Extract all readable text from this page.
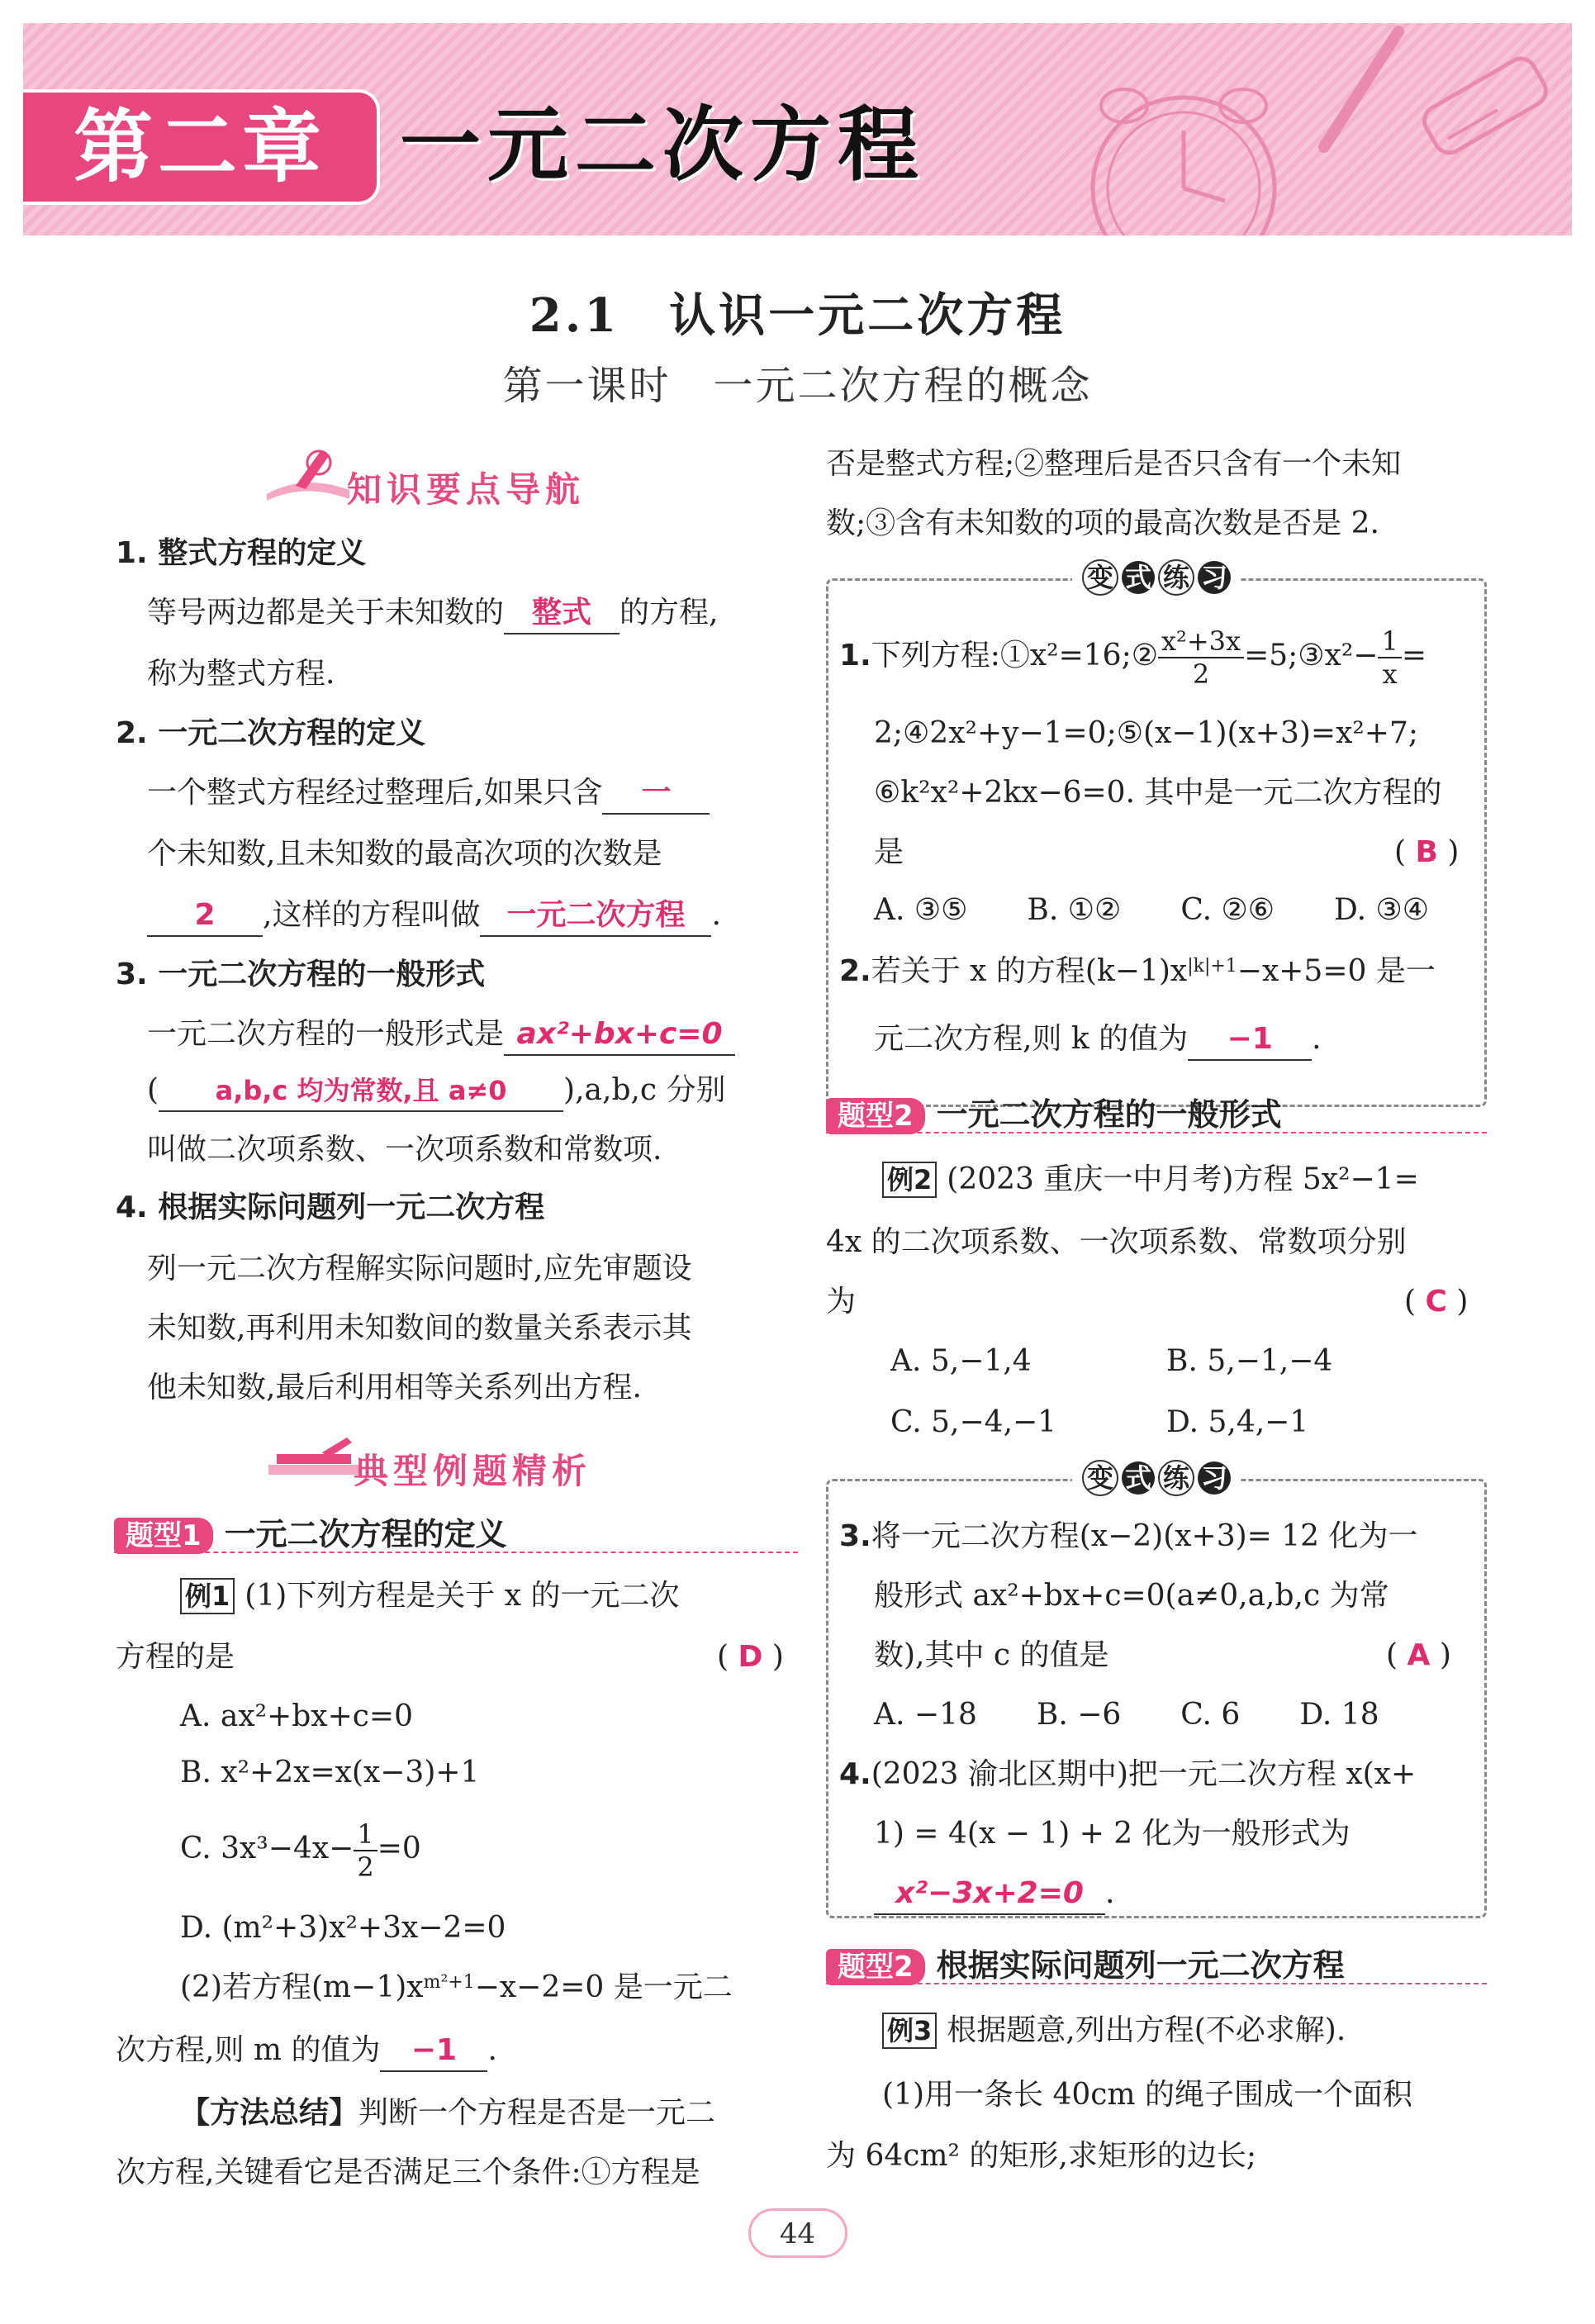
第二章 一元二次方程
2.1　认识一元二次方程
第一课时　一元二次方程的概念
知识要点导航
1. 整式方程的定义
等号两边都是关于未知数的 整式 的方程,
称为整式方程.
2. 一元二次方程的定义
一个整式方程经过整理后,如果只含 一
个未知数,且未知数的最高次项的次数是
2 ,这样的方程叫做 一元二次方程 .
3. 一元二次方程的一般形式
一元二次方程的一般形式是 ax²+bx+c=0
( a,b,c 均为常数,且 a≠0 ),a,b,c 分别
叫做二次项系数、一次项系数和常数项.
4. 根据实际问题列一元二次方程
列一元二次方程解实际问题时,应先审题设
未知数,再利用未知数间的数量关系表示其
他未知数,最后利用相等关系列出方程.
典型例题精析
题型1 一元二次方程的定义
例1 (1)下列方程是关于 x 的一元二次
方程的是	( D )
A. ax²+bx+c=0
B. x²+2x=x(x−3)+1
C. $3x^3-4x- \frac{1}{2} =0$
D. (m²+3)x²+3x−2=0
(2)若方程$(m-1)x^{m^2+1}-x-2=0$ 是一元二
次方程,则 m 的值为 −1 .
【方法总结】判断一个方程是否是一元二
次方程,关键看它是否满足三个条件:①方程是
否是整式方程;②整理后是否只含有一个未知
数;③含有未知数的项的最高次数是否是 2.
变 式 练 习
1.下列方程:①x²=16;② $\frac{\text{x²+3x}}{2}$ =5;③x²− $\frac{1}{x}$ =
2;④2x²+y−1=0;⑤(x−1)(x+3)=x²+7;
⑥k²x²+2kx−6=0. 其中是一元二次方程的
是	( B )
A. ③⑤　　B. ①②　　C. ②⑥　　D. ③④
2.若关于 x 的方程$(k-1)x^{|k|+1}-x+5=0$ 是一
元二次方程,则 k 的值为 −1 .
题型2 一元二次方程的一般形式
例2 (2023 重庆一中月考)方程 5x²−1=
4x 的二次项系数、一次项系数、常数项分别
为	( C )
A. 5,−1,4	B. 5,−1,−4
C. 5,−4,−1	D. 5,4,−1
变 式 练 习
3.将一元二次方程(x−2)(x+3)= 12 化为一
般形式 ax²+bx+c=0(a≠0,a,b,c 为常
数),其中 c 的值是	( A )
A. −18　　B. −6　　C. 6　　D. 18
4.(2023 渝北区期中)把一元二次方程 x(x+
1) = 4(x − 1) + 2 化为一般形式为
x²−3x+2=0 .
题型2 根据实际问题列一元二次方程
例3 根据题意,列出方程(不必求解).
(1)用一条长 40cm 的绳子围成一个面积
为 64cm² 的矩形,求矩形的边长;
44
